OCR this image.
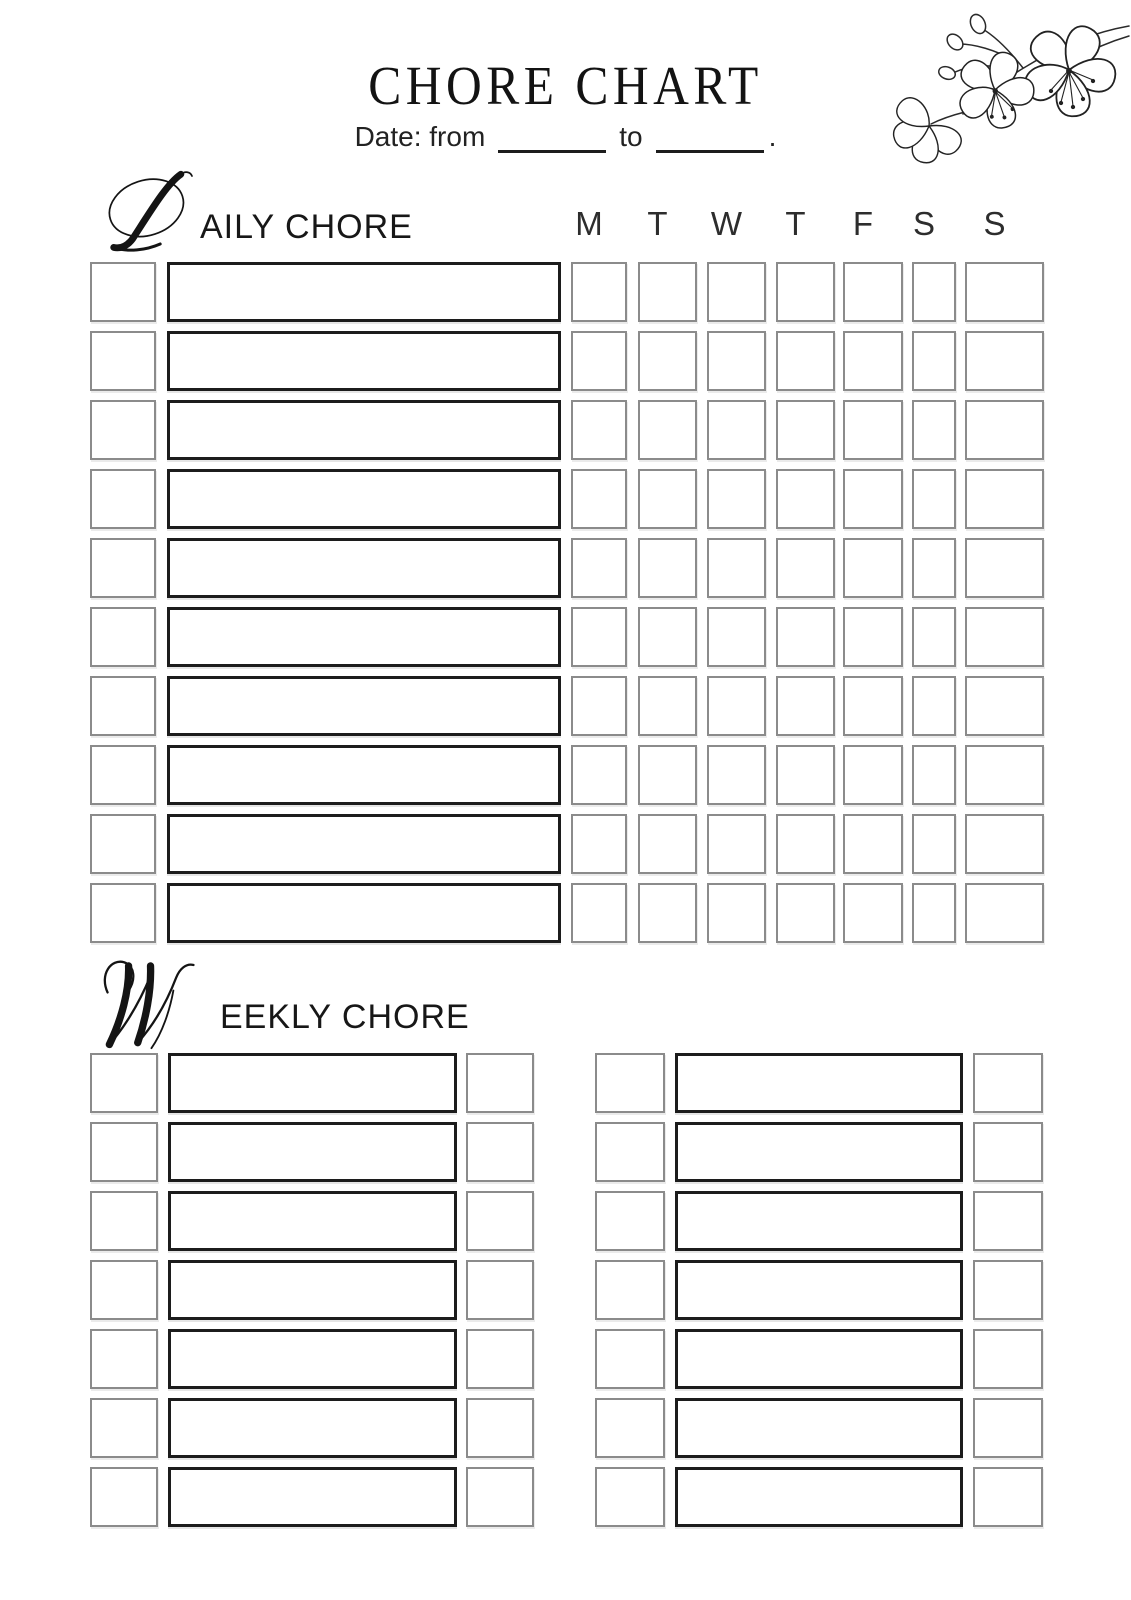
CHORE CHART
Date: from	to	.
AILY CHORE	M	T	W	T	F	S	S
EEKLY CHORE
